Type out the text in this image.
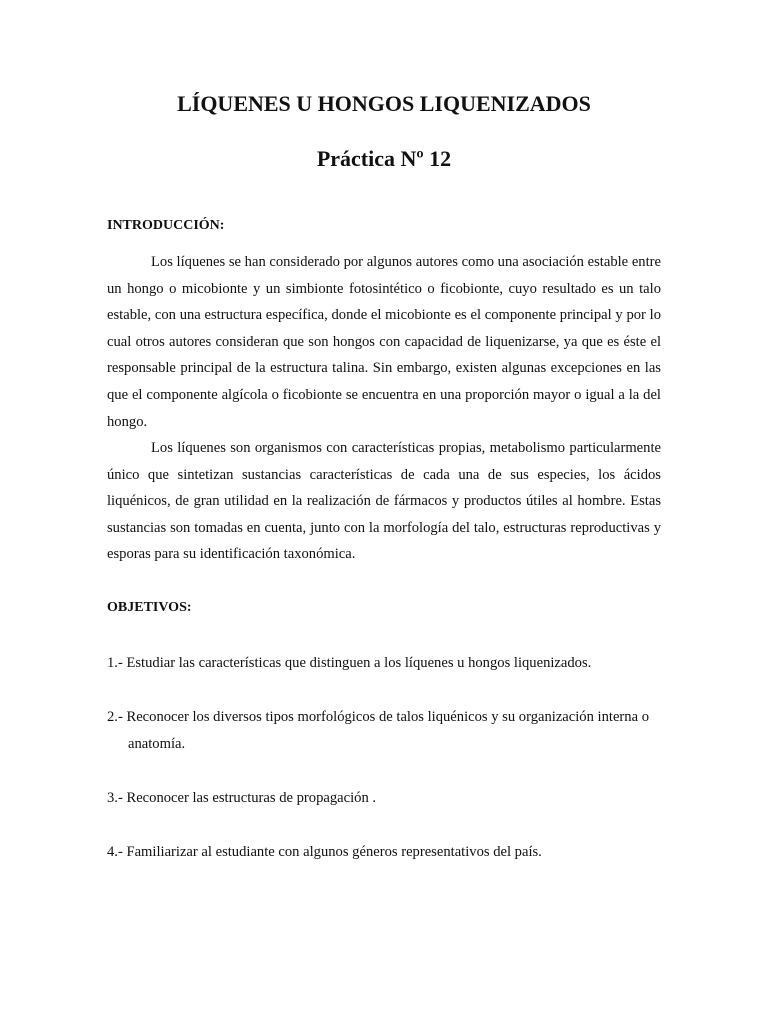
LÍQUENES U HONGOS LIQUENIZADOS
Práctica Nº 12
INTRODUCCIÓN:

Los líquenes se han considerado por algunos autores como una asociación estable entre un hongo o micobionte y un simbionte fotosintético o ficobionte, cuyo resultado es un talo estable, con una estructura específica, donde el micobionte es el componente principal y por lo cual otros autores consideran que son hongos con capacidad de liquenizarse, ya que es éste el responsable principal de la estructura talina. Sin embargo, existen algunas excepciones en las que el componente algícola o ficobionte se encuentra en una proporción mayor o igual a la del hongo.

Los líquenes son organismos con características propias, metabolismo particularmente único que sintetizan sustancias características de cada una de sus especies, los ácidos liquénicos, de gran utilidad en la realización de fármacos y productos útiles al hombre. Estas sustancias son tomadas en cuenta, junto con la morfología del talo, estructuras reproductivas y esporas para su identificación taxonómica.

OBJETIVOS:

1.- Estudiar las características que distinguen a los líquenes u hongos liquenizados.

2.- Reconocer los diversos tipos morfológicos de talos liquénicos y su organización interna o anatomía.

3.- Reconocer las estructuras de propagación .

4.- Familiarizar al estudiante con algunos géneros representativos del país.
